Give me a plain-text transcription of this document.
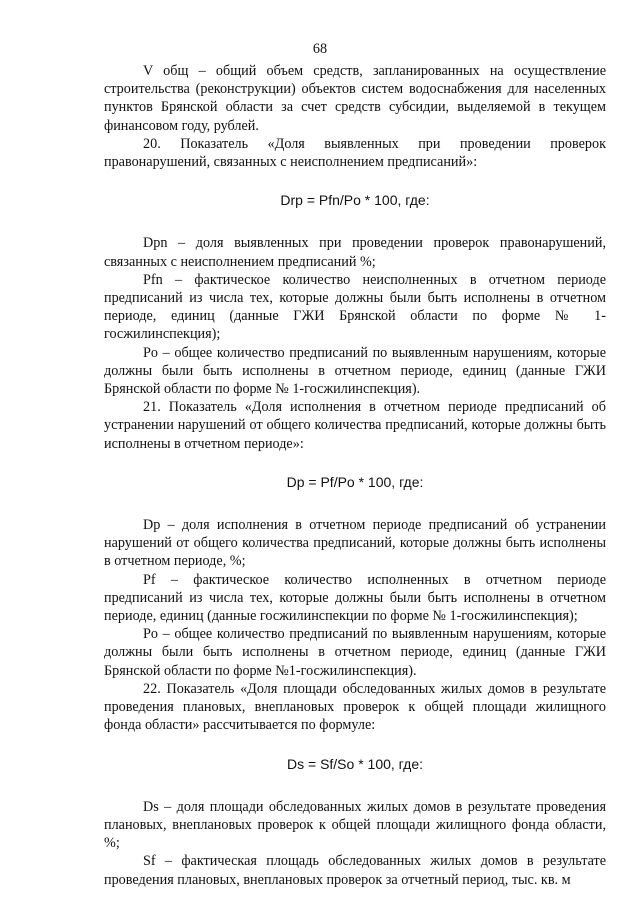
68

V общ – общий объем средств, запланированных на осуществление строительства (реконструкции) объектов систем водоснабжения для населенных пунктов Брянской области за счет средств субсидии, выделяемой в текущем финансовом году, рублей.

20. Показатель «Доля выявленных при проведении проверок правонарушений, связанных с неисполнением предписаний»:

Drp = Pfn/Po * 100, где:

Dpn – доля выявленных при проведении проверок правонарушений, связанных с неисполнением предписаний %;

Pfn – фактическое количество неисполненных в отчетном периоде предписаний из числа тех, которые должны были быть исполнены в отчетном периоде, единиц (данные ГЖИ Брянской области по форме № 1-госжилинспекция);

Po – общее количество предписаний по выявленным нарушениям, которые должны были быть исполнены в отчетном периоде, единиц (данные ГЖИ Брянской области по форме № 1-госжилинспекция).

21. Показатель «Доля исполнения в отчетном периоде предписаний об устранении нарушений от общего количества предписаний, которые должны быть исполнены в отчетном периоде»:

Dp = Pf/Po * 100, где:

Dp – доля исполнения в отчетном периоде предписаний об устранении нарушений от общего количества предписаний, которые должны быть исполнены в отчетном периоде, %;

Pf – фактическое количество исполненных в отчетном периоде предписаний из числа тех, которые должны были быть исполнены в отчетном периоде, единиц (данные госжилинспекции по форме № 1-госжилинспекция);

Po – общее количество предписаний по выявленным нарушениям, которые должны были быть исполнены в отчетном периоде, единиц (данные ГЖИ Брянской области по форме №1-госжилинспекция).

22. Показатель «Доля площади обследованных жилых домов в результате проведения плановых, внеплановых проверок к общей площади жилищного фонда области» рассчитывается по формуле:

Ds = Sf/So * 100, где:

Ds – доля площади обследованных жилых домов в результате проведения плановых, внеплановых проверок к общей площади жилищного фонда области, %;

Sf – фактическая площадь обследованных жилых домов в результате проведения плановых, внеплановых проверок за отчетный период, тыс. кв. м
